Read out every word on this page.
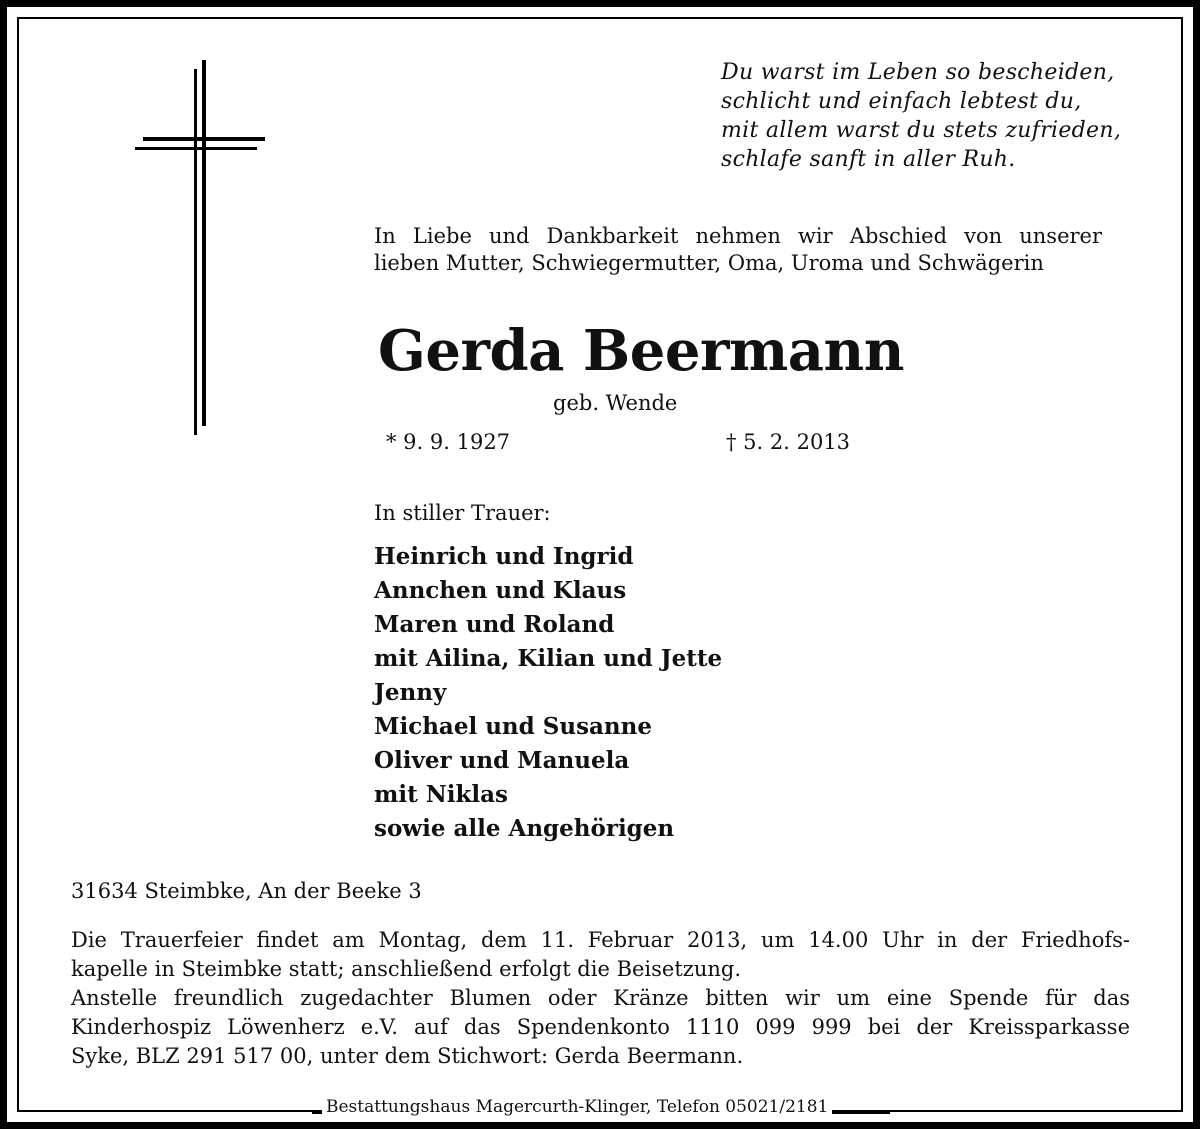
Du warst im Leben so bescheiden,
schlicht und einfach lebtest du,
mit allem warst du stets zufrieden,
schlafe sanft in aller Ruh.
In Liebe und Dankbarkeit nehmen wir Abschied von unserer
lieben Mutter, Schwiegermutter, Oma, Uroma und Schwägerin
Gerda Beermann
geb. Wende
* 9. 9. 1927	† 5. 2. 2013
In stiller Trauer:
Heinrich und Ingrid
Annchen und Klaus
Maren und Roland
mit Ailina, Kilian und Jette
Jenny
Michael und Susanne
Oliver und Manuela
mit Niklas
sowie alle Angehörigen
31634 Steimbke, An der Beeke 3
Die Trauerfeier findet am Montag, dem 11. Februar 2013, um 14.00 Uhr in der Friedhofs-
kapelle in Steimbke statt; anschließend erfolgt die Beisetzung.
Anstelle freundlich zugedachter Blumen oder Kränze bitten wir um eine Spende für das
Kinderhospiz Löwenherz e.V. auf das Spendenkonto 1110 099 999 bei der Kreissparkasse
Syke, BLZ 291 517 00, unter dem Stichwort: Gerda Beermann.
Bestattungshaus Magercurth-Klinger, Telefon 05021/2181
